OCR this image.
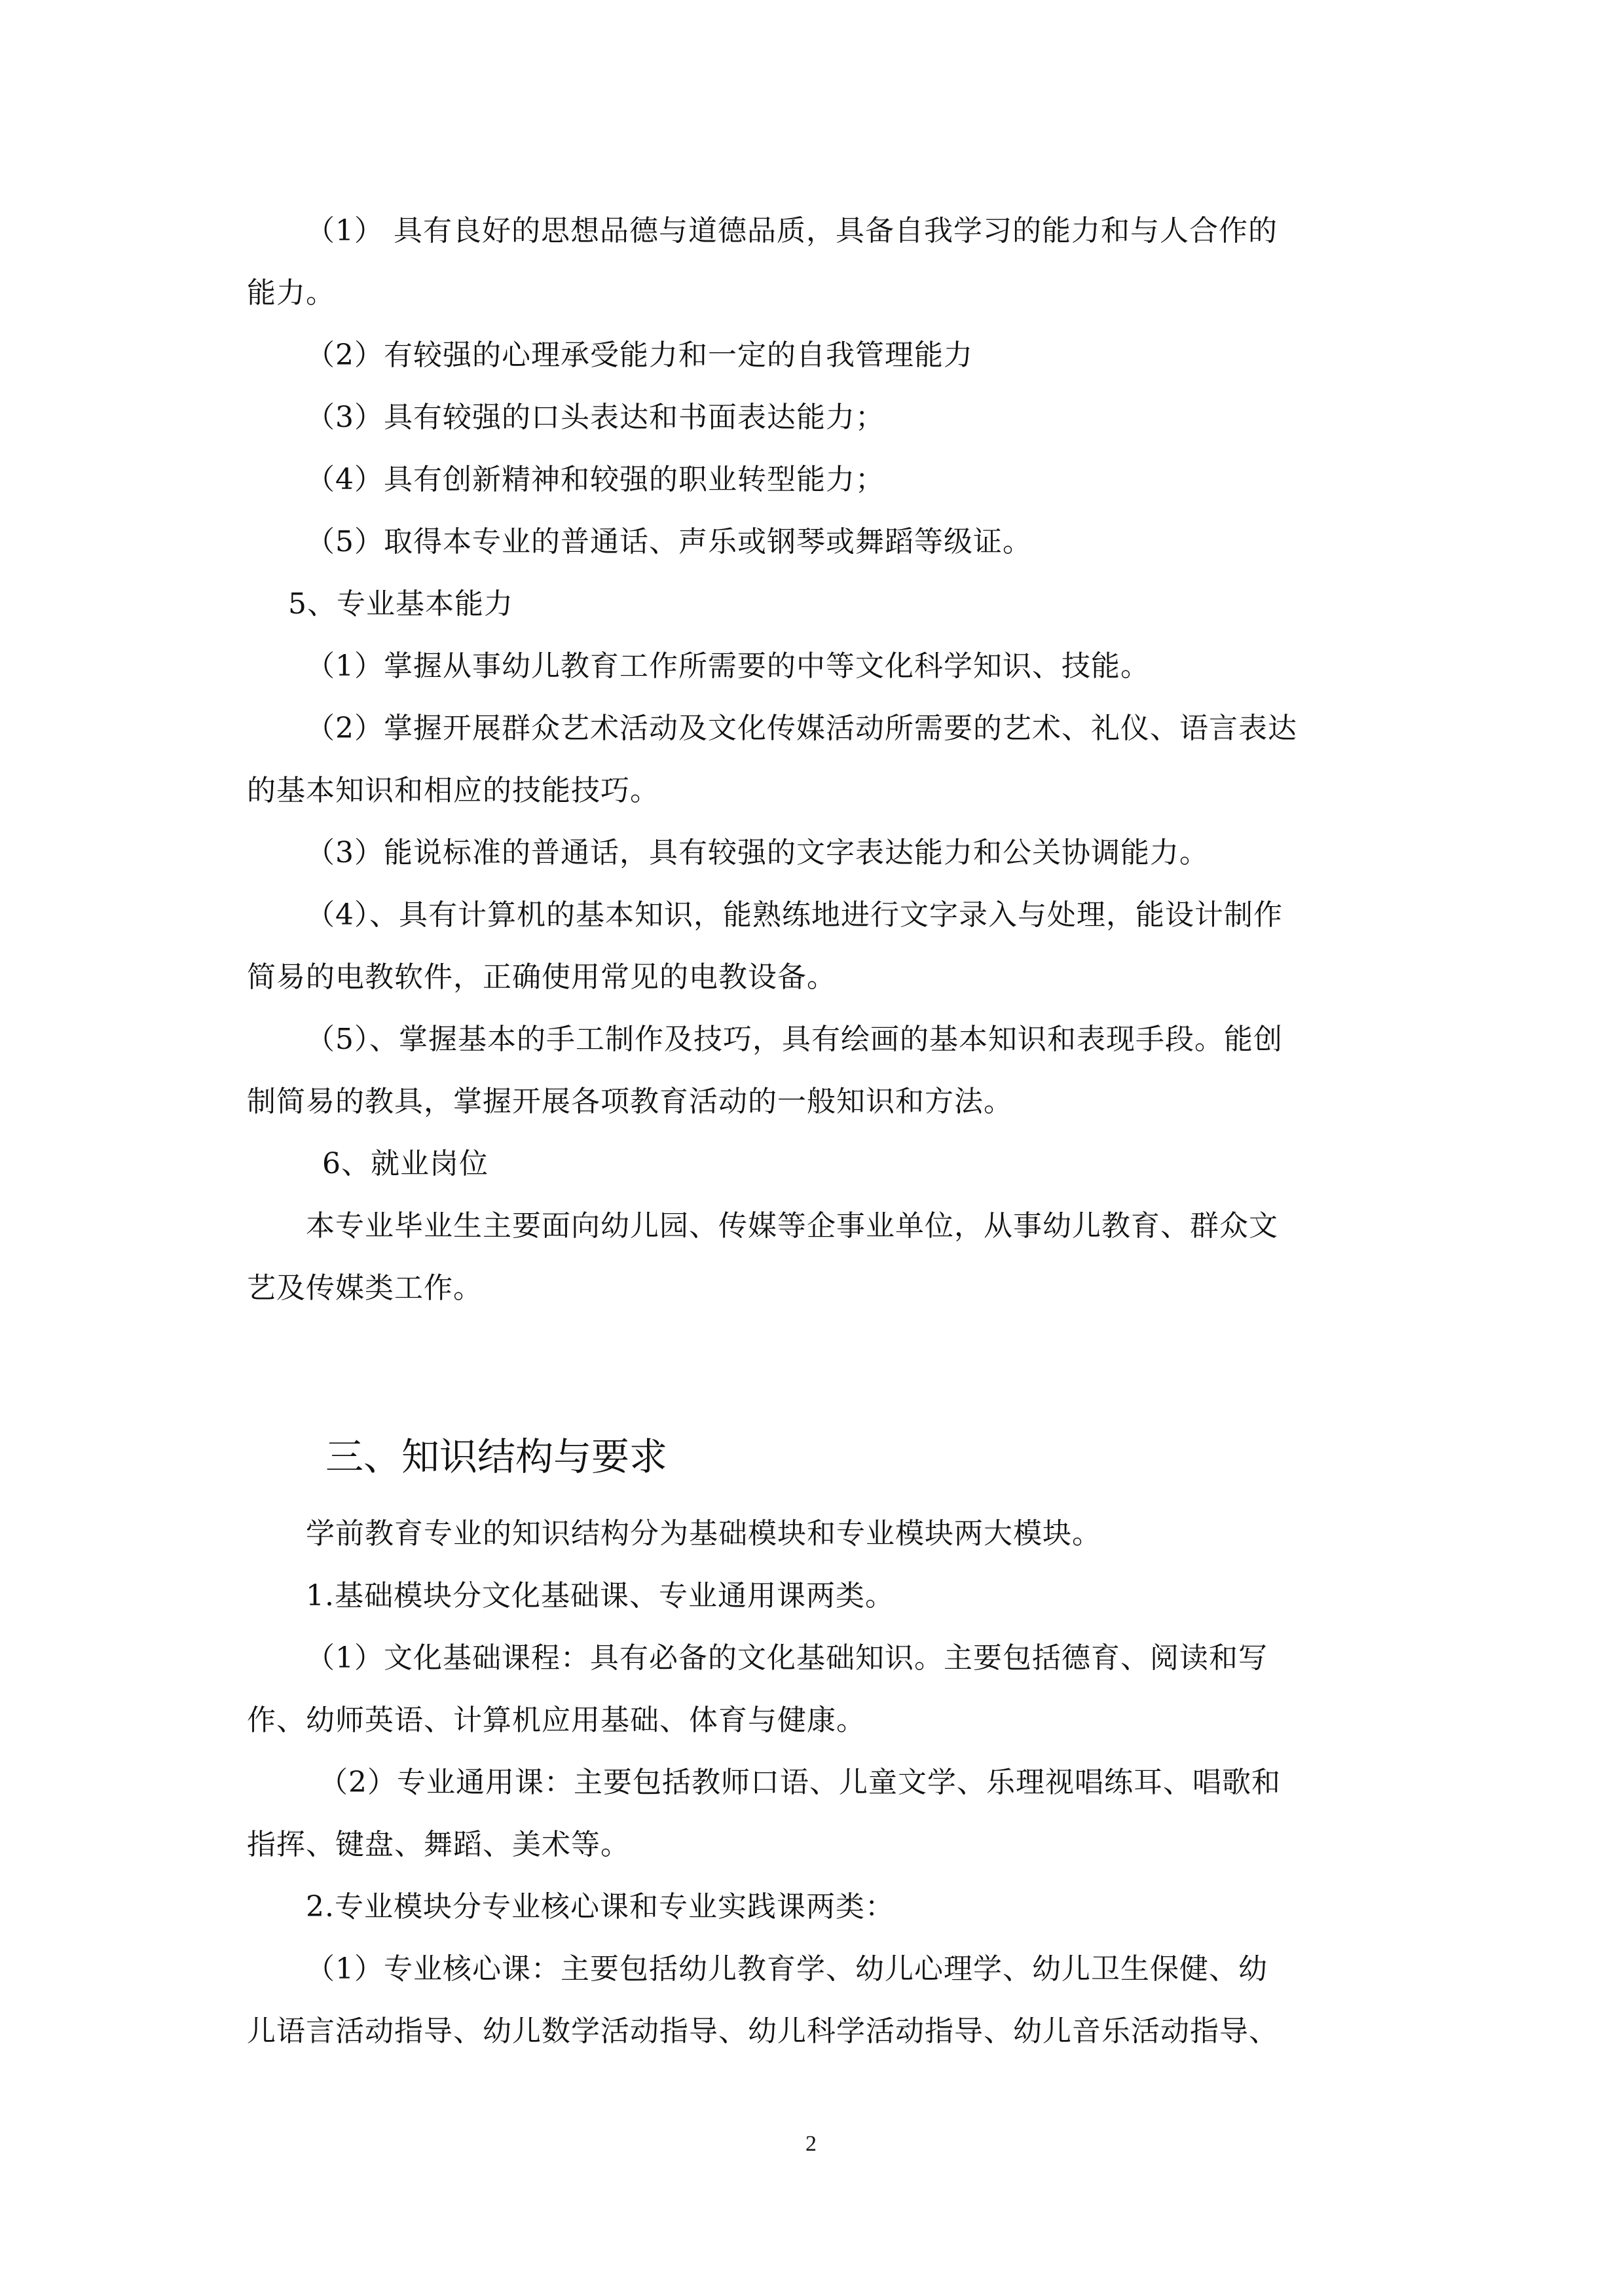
（1） 具有良好的思想品德与道德品质，具备自我学习的能力和与人合作的
能力。
（2）有较强的心理承受能力和一定的自我管理能力
（3）具有较强的口头表达和书面表达能力；
（4）具有创新精神和较强的职业转型能力；
（5）取得本专业的普通话、声乐或钢琴或舞蹈等级证。
5、专业基本能力
（1）掌握从事幼儿教育工作所需要的中等文化科学知识、技能。
（2）掌握开展群众艺术活动及文化传媒活动所需要的艺术、礼仪、语言表达
的基本知识和相应的技能技巧。
（3）能说标准的普通话，具有较强的文字表达能力和公关协调能力。
（4）、具有计算机的基本知识，能熟练地进行文字录入与处理，能设计制作
简易的电教软件，正确使用常见的电教设备。
（5）、掌握基本的手工制作及技巧，具有绘画的基本知识和表现手段。能创
制简易的教具，掌握开展各项教育活动的一般知识和方法。
6、就业岗位
本专业毕业生主要面向幼儿园、传媒等企事业单位，从事幼儿教育、群众文
艺及传媒类工作。
三、知识结构与要求
学前教育专业的知识结构分为基础模块和专业模块两大模块。
1.基础模块分文化基础课、专业通用课两类。
（1）文化基础课程：具有必备的文化基础知识。主要包括德育、阅读和写
作、幼师英语、计算机应用基础、体育与健康。
（2）专业通用课：主要包括教师口语、儿童文学、乐理视唱练耳、唱歌和
指挥、键盘、舞蹈、美术等。
2.专业模块分专业核心课和专业实践课两类：
（1）专业核心课：主要包括幼儿教育学、幼儿心理学、幼儿卫生保健、幼
儿语言活动指导、幼儿数学活动指导、幼儿科学活动指导、幼儿音乐活动指导、
2
